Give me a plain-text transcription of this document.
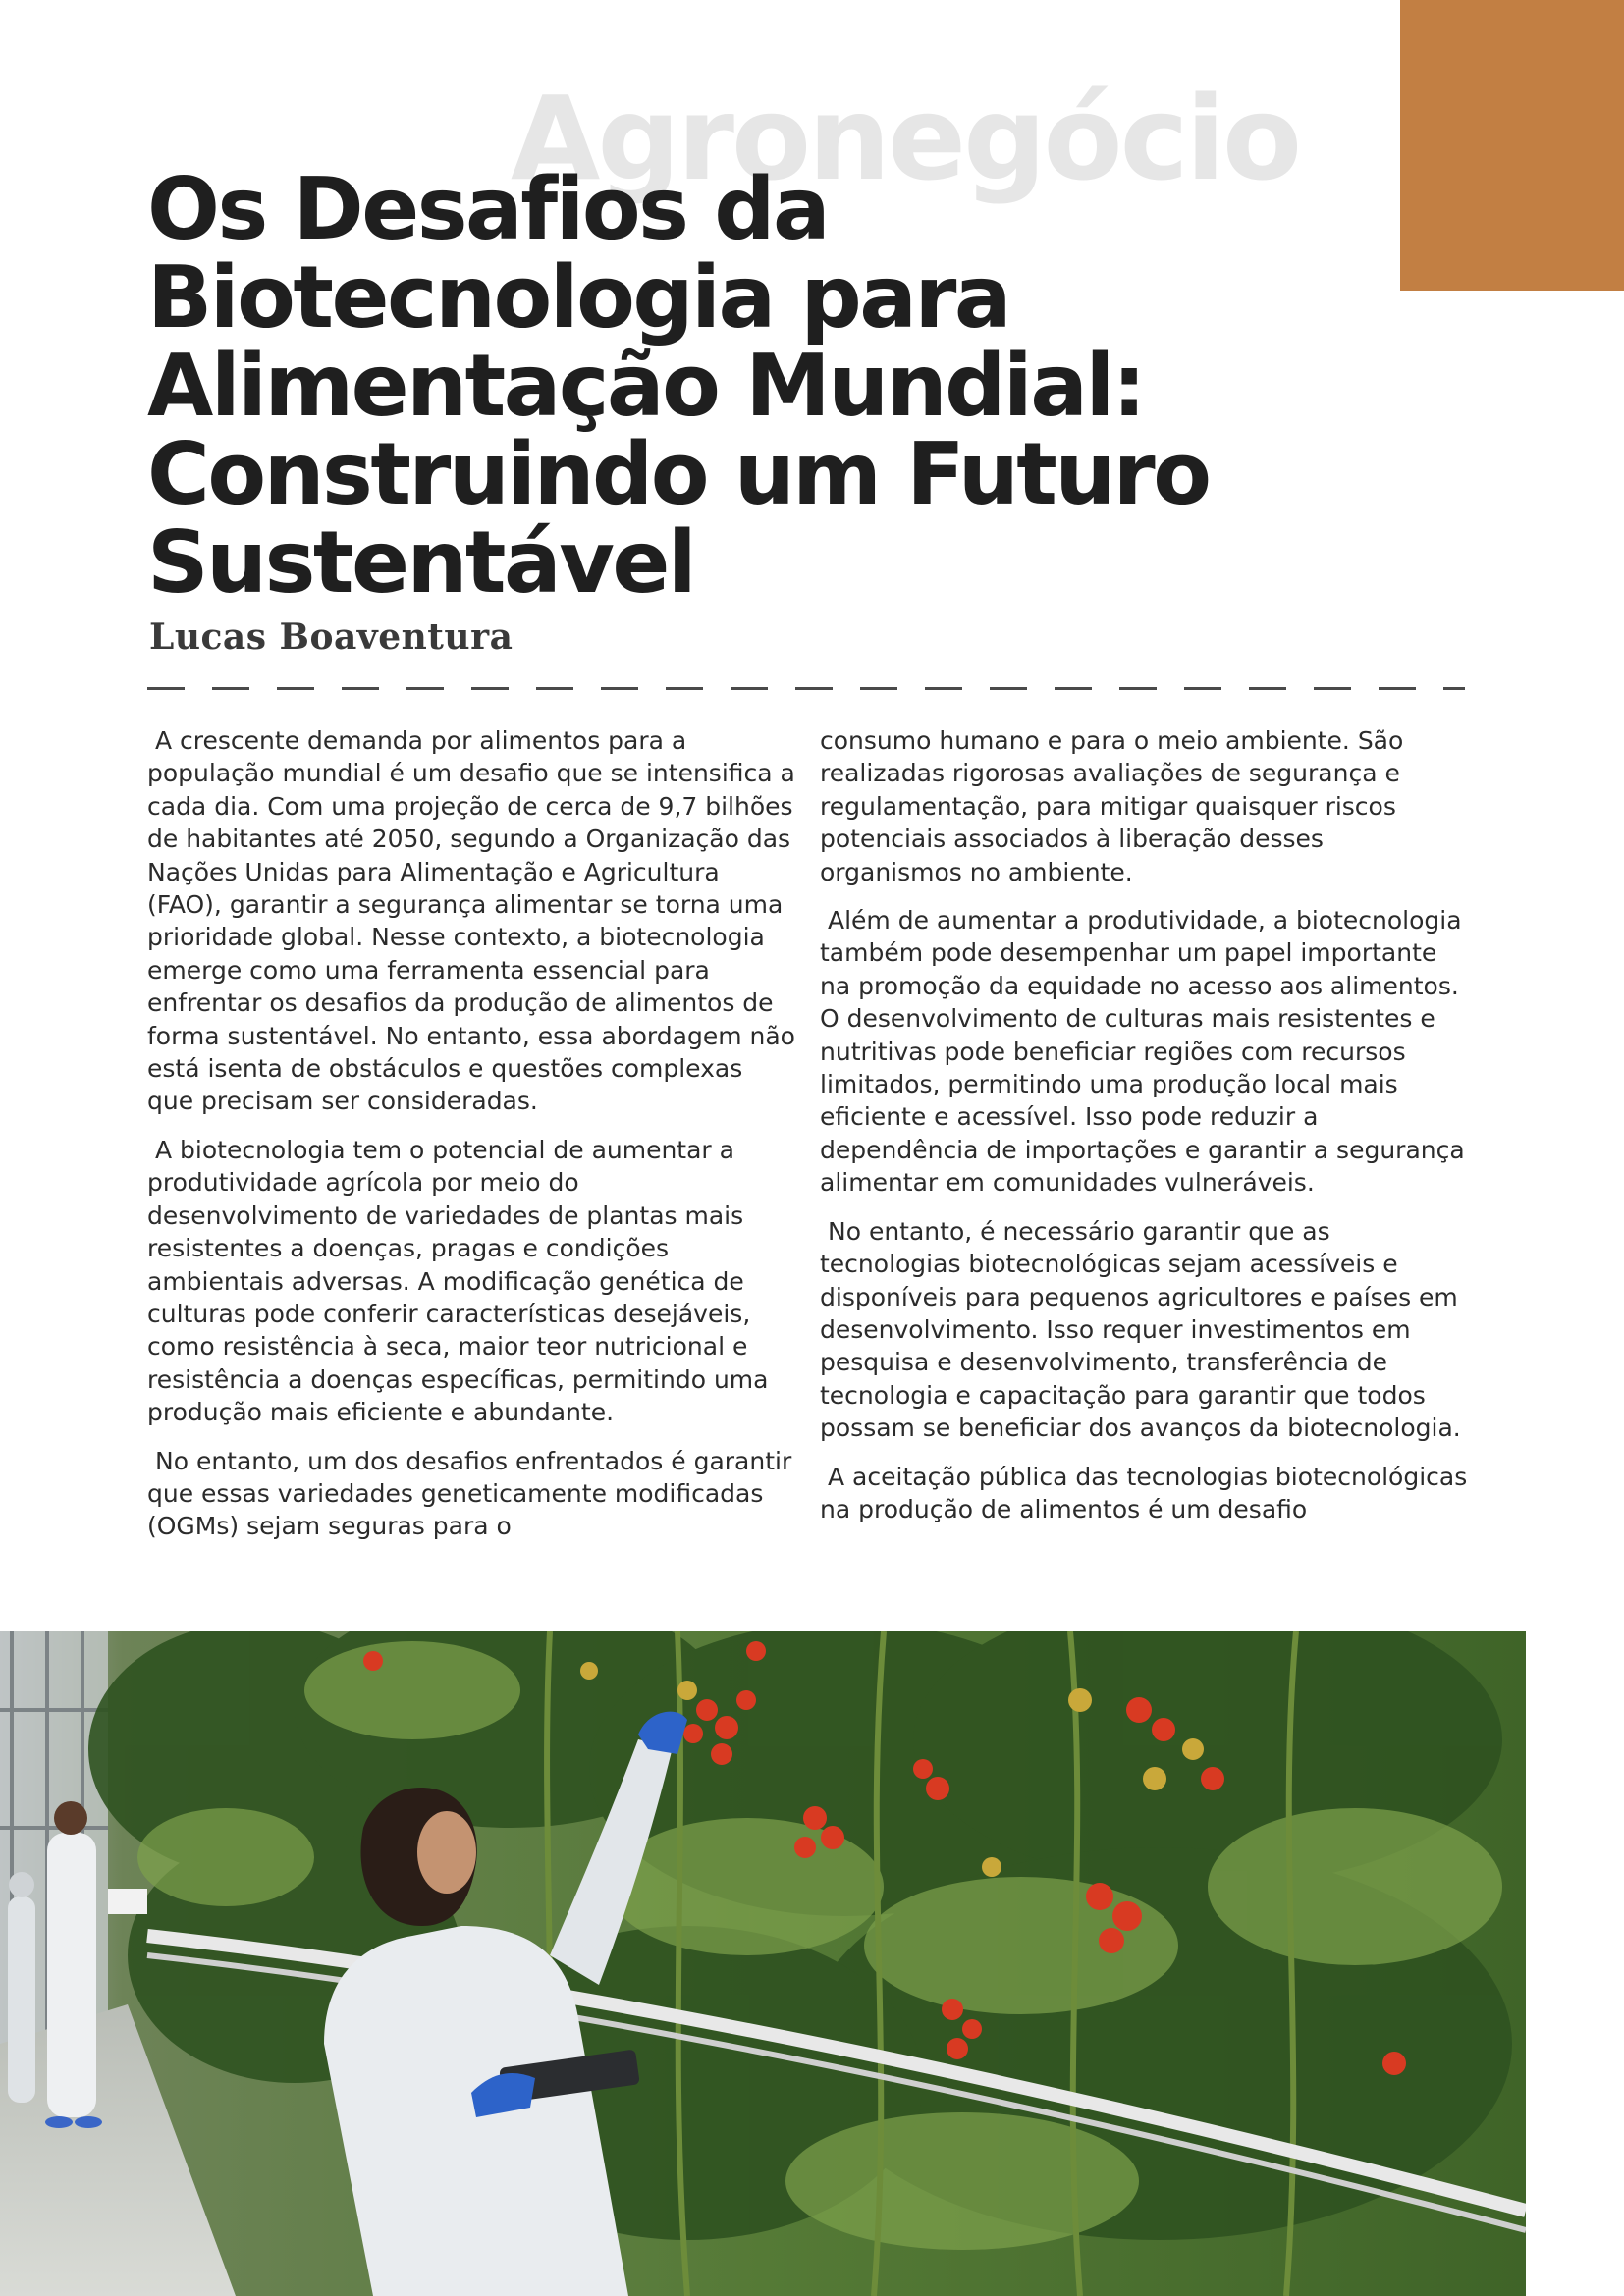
Agronegócio
Os Desafios da
Biotecnologia para
Alimentação Mundial:
Construindo um Futuro
Sustentável
Lucas Boaventura

A crescente demanda por alimentos para a população mundial é um desafio que se intensifica a cada dia. Com uma projeção de cerca de 9,7 bilhões de habitantes até 2050, segundo a Organização das Nações Unidas para Alimentação e Agricultura (FAO), garantir a segurança alimentar se torna uma prioridade global. Nesse contexto, a biotecnologia emerge como uma ferramenta essencial para enfrentar os desafios da produção de alimentos de forma sustentável. No entanto, essa abordagem não está isenta de obstáculos e questões complexas que precisam ser consideradas.

A biotecnologia tem o potencial de aumentar a produtividade agrícola por meio do desenvolvimento de variedades de plantas mais resistentes a doenças, pragas e condições ambientais adversas. A modificação genética de culturas pode conferir características desejáveis, como resistência à seca, maior teor nutricional e resistência a doenças específicas, permitindo uma produção mais eficiente e abundante.

No entanto, um dos desafios enfrentados é garantir que essas variedades geneticamente modificadas (OGMs) sejam seguras para o

consumo humano e para o meio ambiente. São realizadas rigorosas avaliações de segurança e regulamentação, para mitigar quaisquer riscos potenciais associados à liberação desses organismos no ambiente.

Além de aumentar a produtividade, a biotecnologia também pode desempenhar um papel importante na promoção da equidade no acesso aos alimentos. O desenvolvimento de culturas mais resistentes e nutritivas pode beneficiar regiões com recursos limitados, permitindo uma produção local mais eficiente e acessível. Isso pode reduzir a dependência de importações e garantir a segurança alimentar em comunidades vulneráveis.

No entanto, é necessário garantir que as tecnologias biotecnológicas sejam acessíveis e disponíveis para pequenos agricultores e países em desenvolvimento. Isso requer investimentos em pesquisa e desenvolvimento, transferência de tecnologia e capacitação para garantir que todos possam se beneficiar dos avanços da biotecnologia.

A aceitação pública das tecnologias biotecnológicas na produção de alimentos é um desafio
